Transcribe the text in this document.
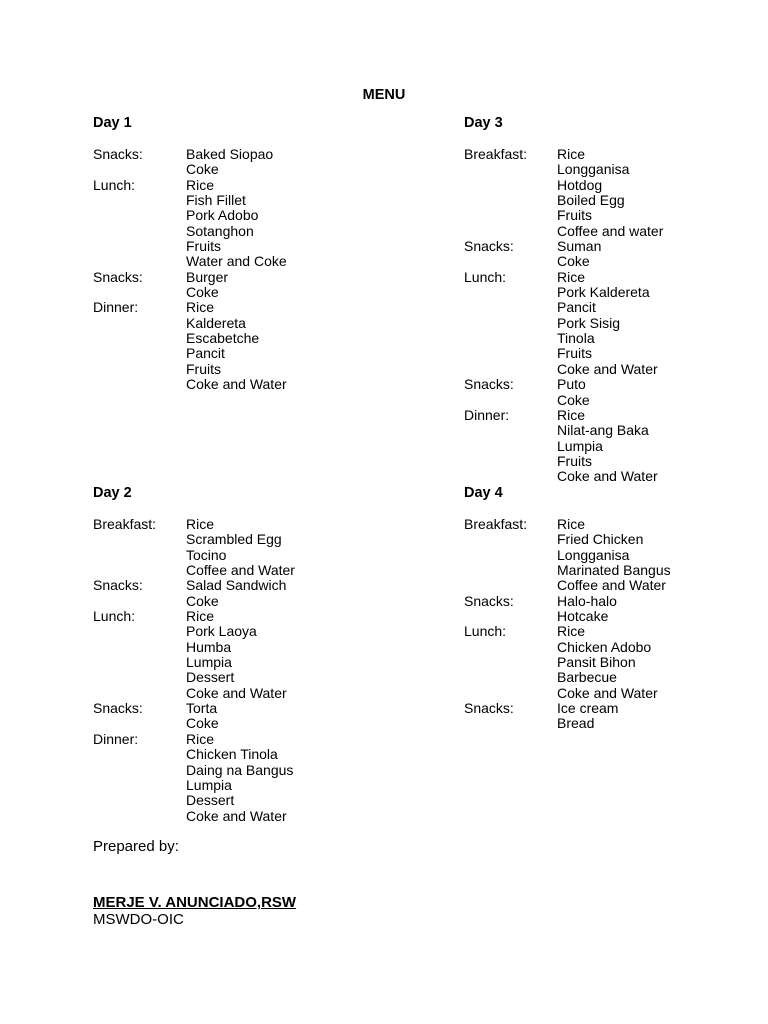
MENU
Day 1
Snacks:	Baked Siopao
Coke
Lunch:	Rice
Fish Fillet
Pork Adobo
Sotanghon
Fruits
Water and Coke
Snacks:	Burger
Coke
Dinner:	Rice
Kaldereta
Escabetche
Pancit
Fruits
Coke and Water
Day 2
Breakfast:	Rice
Scrambled Egg
Tocino
Coffee and Water
Snacks:	Salad Sandwich
Coke
Lunch:	Rice
Pork Laoya
Humba
Lumpia
Dessert
Coke and Water
Snacks:	Torta
Coke
Dinner:	Rice
Chicken Tinola
Daing na Bangus
Lumpia
Dessert
Coke and Water
Day 3
Breakfast:	Rice
Longganisa
Hotdog
Boiled Egg
Fruits
Coffee and water
Snacks:	Suman
Coke
Lunch:	Rice
Pork Kaldereta
Pancit
Pork Sisig
Tinola
Fruits
Coke and Water
Snacks:	Puto
Coke
Dinner:	Rice
Nilat-ang Baka
Lumpia
Fruits
Coke and Water
Day 4
Breakfast:	Rice
Fried Chicken
Longganisa
Marinated Bangus
Coffee and Water
Snacks:	Halo-halo
Hotcake
Lunch:	Rice
Chicken Adobo
Pansit Bihon
Barbecue
Coke and Water
Snacks:	Ice cream
Bread
Prepared by:
MERJE V. ANUNCIADO,RSW
MSWDO-OIC
